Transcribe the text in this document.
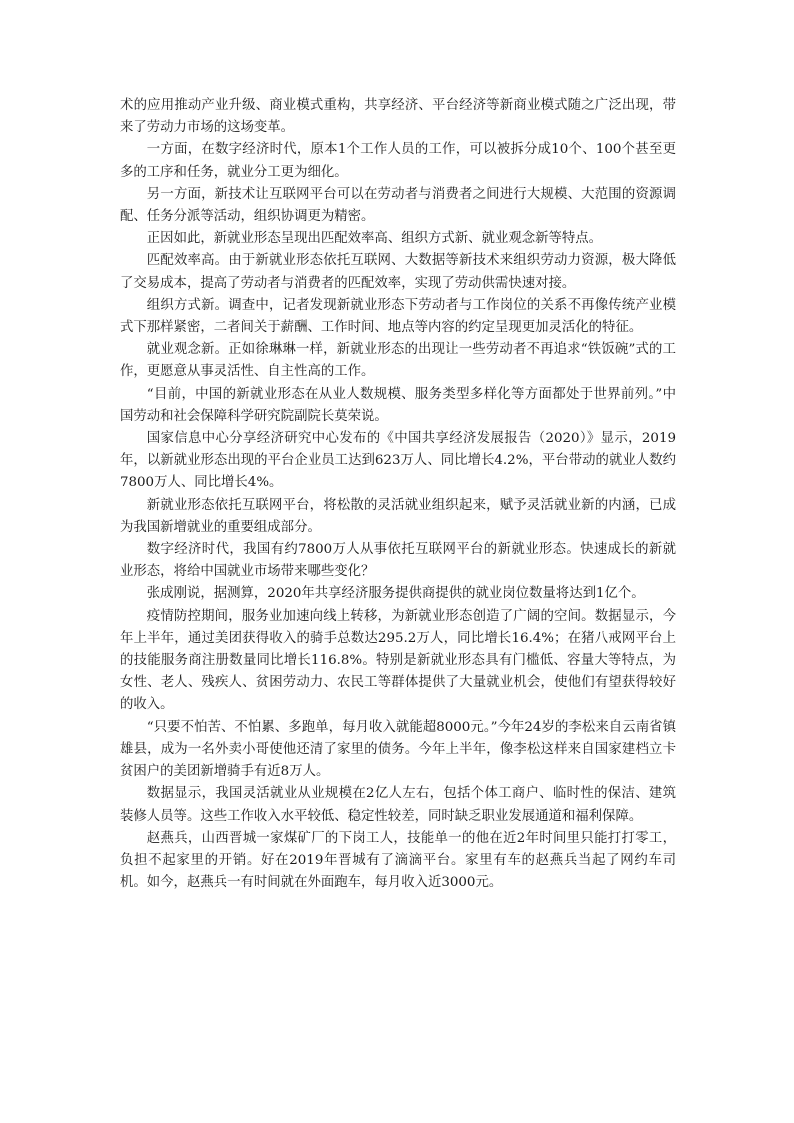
术的应用推动产业升级、商业模式重构，共享经济、平台经济等新商业模式随之广泛出现，带来了劳动力市场的这场变革。

一方面，在数字经济时代，原本1个工作人员的工作，可以被拆分成10个、100个甚至更多的工序和任务，就业分工更为细化。

另一方面，新技术让互联网平台可以在劳动者与消费者之间进行大规模、大范围的资源调配、任务分派等活动，组织协调更为精密。

正因如此，新就业形态呈现出匹配效率高、组织方式新、就业观念新等特点。

匹配效率高。由于新就业形态依托互联网、大数据等新技术来组织劳动力资源，极大降低了交易成本，提高了劳动者与消费者的匹配效率，实现了劳动供需快速对接。

组织方式新。调查中，记者发现新就业形态下劳动者与工作岗位的关系不再像传统产业模式下那样紧密，二者间关于薪酬、工作时间、地点等内容的约定呈现更加灵活化的特征。

就业观念新。正如徐琳琳一样，新就业形态的出现让一些劳动者不再追求“铁饭碗”式的工作，更愿意从事灵活性、自主性高的工作。

“目前，中国的新就业形态在从业人数规模、服务类型多样化等方面都处于世界前列。”中国劳动和社会保障科学研究院副院长莫荣说。

国家信息中心分享经济研究中心发布的《中国共享经济发展报告（2020）》显示，2019年，以新就业形态出现的平台企业员工达到623万人、同比增长4.2%，平台带动的就业人数约7800万人、同比增长4%。

新就业形态依托互联网平台，将松散的灵活就业组织起来，赋予灵活就业新的内涵，已成为我国新增就业的重要组成部分。

数字经济时代，我国有约7800万人从事依托互联网平台的新就业形态。快速成长的新就业形态，将给中国就业市场带来哪些变化？

张成刚说，据测算，2020年共享经济服务提供商提供的就业岗位数量将达到1亿个。

疫情防控期间，服务业加速向线上转移，为新就业形态创造了广阔的空间。数据显示，今年上半年，通过美团获得收入的骑手总数达295.2万人，同比增长16.4%；在猪八戒网平台上的技能服务商注册数量同比增长116.8%。特别是新就业形态具有门槛低、容量大等特点，为女性、老人、残疾人、贫困劳动力、农民工等群体提供了大量就业机会，使他们有望获得较好的收入。

“只要不怕苦、不怕累、多跑单，每月收入就能超8000元。”今年24岁的李松来自云南省镇雄县，成为一名外卖小哥使他还清了家里的债务。今年上半年，像李松这样来自国家建档立卡贫困户的美团新增骑手有近8万人。

数据显示，我国灵活就业从业规模在2亿人左右，包括个体工商户、临时性的保洁、建筑装修人员等。这些工作收入水平较低、稳定性较差，同时缺乏职业发展通道和福利保障。

赵燕兵，山西晋城一家煤矿厂的下岗工人，技能单一的他在近2年时间里只能打打零工，负担不起家里的开销。好在2019年晋城有了滴滴平台。家里有车的赵燕兵当起了网约车司机。如今，赵燕兵一有时间就在外面跑车，每月收入近3000元。
